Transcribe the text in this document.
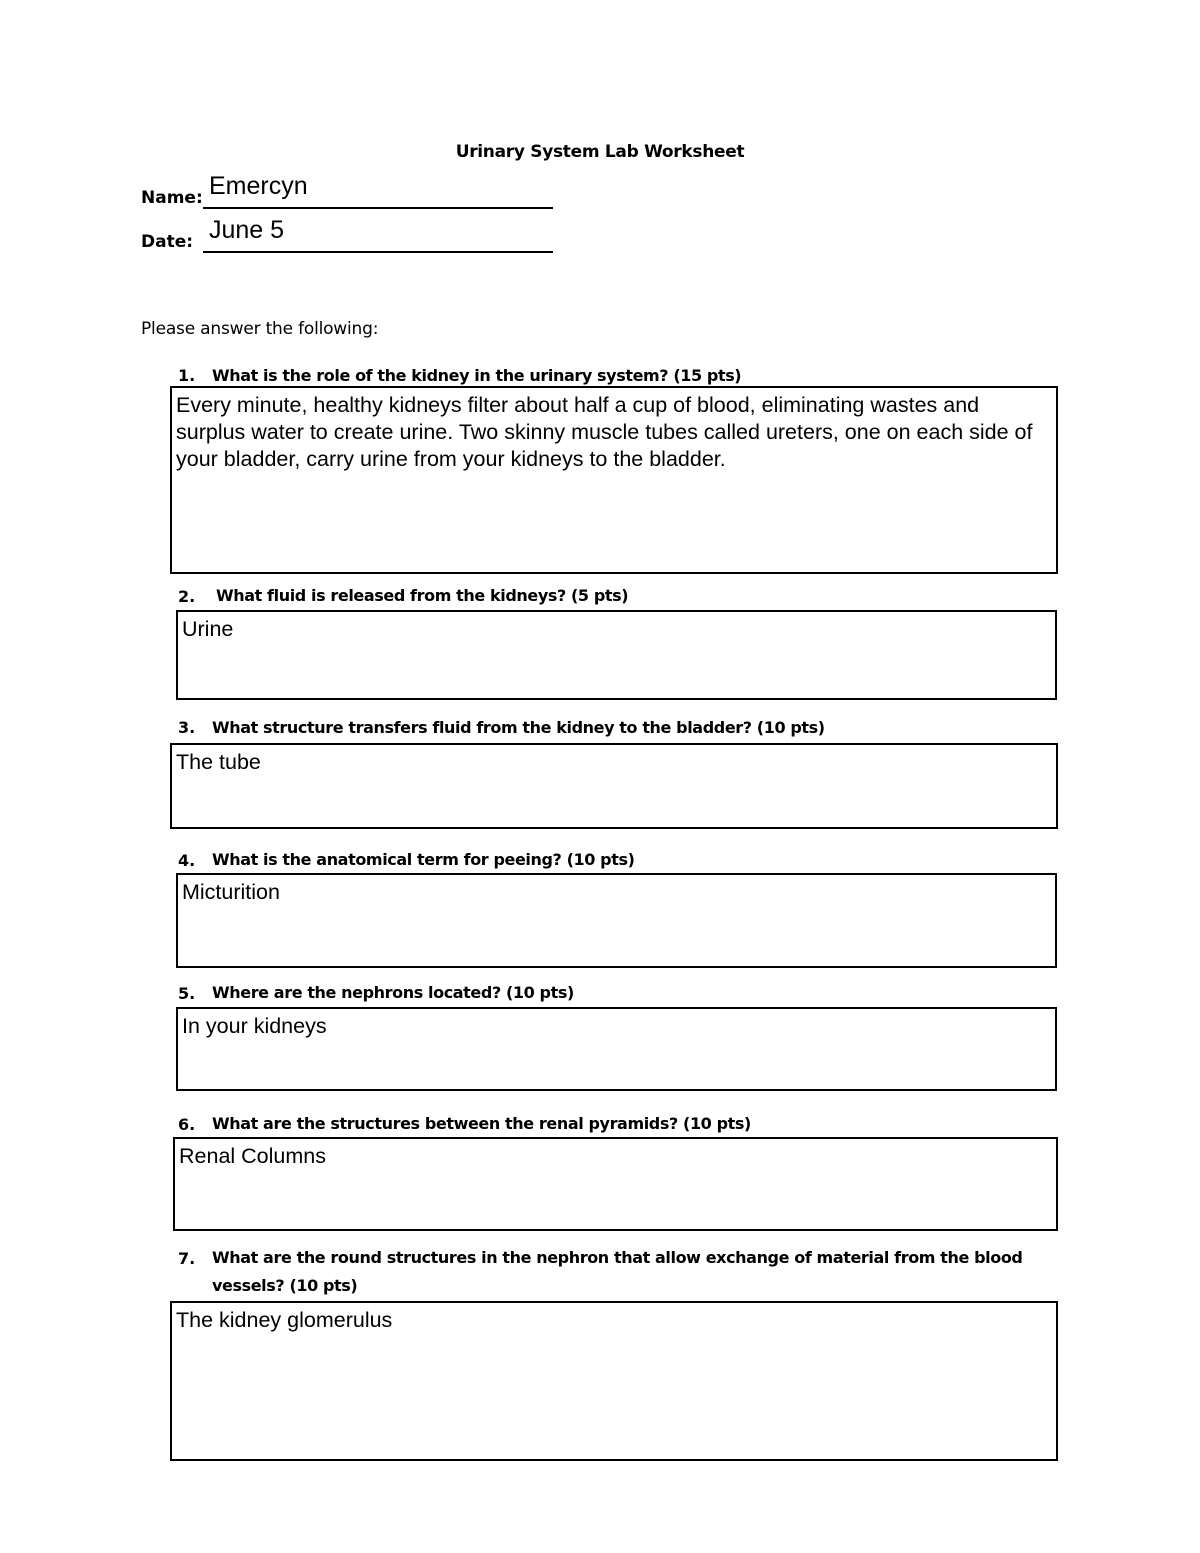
Urinary System Lab Worksheet
Name: Emercyn
Date: June 5
Please answer the following:
1. What is the role of the kidney in the urinary system? (15 pts)
Every minute, healthy kidneys filter about half a cup of blood, eliminating wastes and surplus water to create urine. Two skinny muscle tubes called ureters, one on each side of your bladder, carry urine from your kidneys to the bladder.
2. What fluid is released from the kidneys? (5 pts)
Urine
3. What structure transfers fluid from the kidney to the bladder? (10 pts)
The tube
4. What is the anatomical term for peeing? (10 pts)
Micturition
5. Where are the nephrons located? (10 pts)
In your kidneys
6. What are the structures between the renal pyramids? (10 pts)
Renal Columns
7. What are the round structures in the nephron that allow exchange of material from the blood vessels? (10 pts)
The kidney glomerulus
